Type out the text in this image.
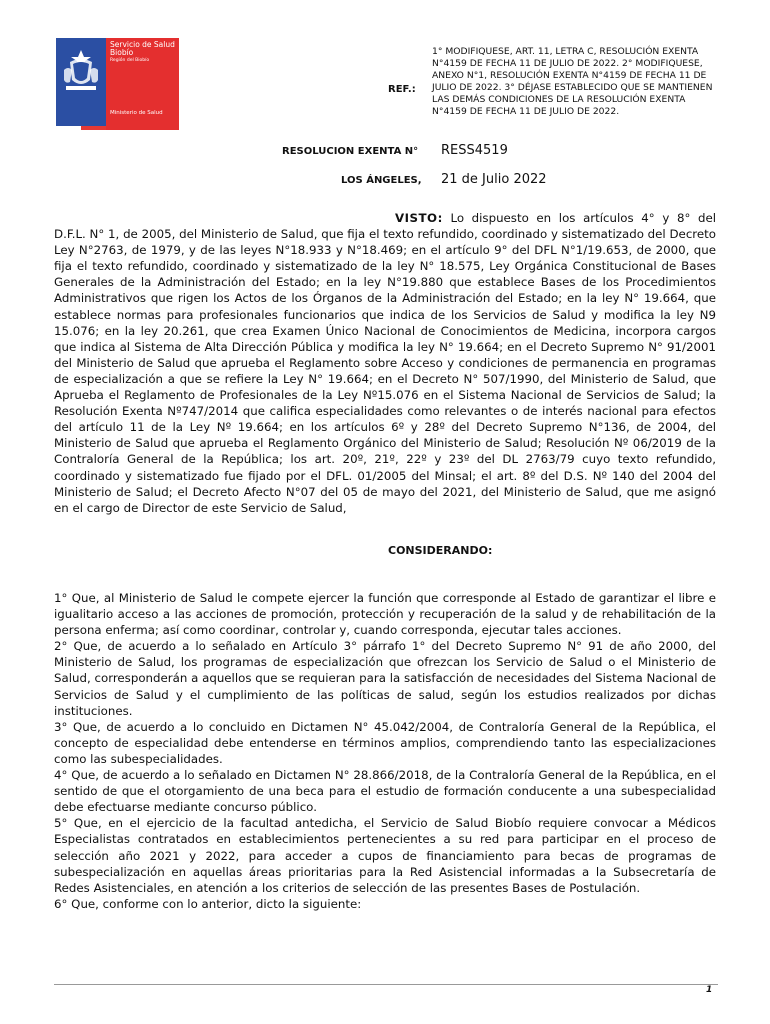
Servicio de Salud Biobío
Región del Biobío
Ministerio de Salud
REF.:

1° MODIFIQUESE, ART. 11, LETRA C, RESOLUCIÓN EXENTA N°4159 DE FECHA 11 DE JULIO DE 2022. 2° MODIFIQUESE, ANEXO N°1, RESOLUCIÓN EXENTA N°4159 DE FECHA 11 DE JULIO DE 2022. 3° DÉJASE ESTABLECIDO QUE SE MANTIENEN LAS DEMÁS CONDICIONES DE LA RESOLUCIÓN EXENTA N°4159 DE FECHA 11 DE JULIO DE 2022.

RESOLUCION EXENTA N° RESS4519
LOS ÁNGELES, 21 de Julio 2022

VISTO: Lo dispuesto en los artículos 4° y 8° del D.F.L. N° 1, de 2005, del Ministerio de Salud, que fija el texto refundido, coordinado y sistematizado del Decreto Ley N°2763, de 1979, y de las leyes N°18.933 y N°18.469; en el artículo 9° del DFL N°1/19.653, de 2000, que fija el texto refundido, coordinado y sistematizado de la ley N° 18.575, Ley Orgánica Constitucional de Bases Generales de la Administración del Estado; en la ley N°19.880 que establece Bases de los Procedimientos Administrativos que rigen los Actos de los Órganos de la Administración del Estado; en la ley N° 19.664, que establece normas para profesionales funcionarios que indica de los Servicios de Salud y modifica la ley N9 15.076; en la ley 20.261, que crea Examen Único Nacional de Conocimientos de Medicina, incorpora cargos que indica al Sistema de Alta Dirección Pública y modifica la ley N° 19.664; en el Decreto Supremo N° 91/2001 del Ministerio de Salud que aprueba el Reglamento sobre Acceso y condiciones de permanencia en programas de especialización a que se refiere la Ley N° 19.664; en el Decreto N° 507/1990, del Ministerio de Salud, que Aprueba el Reglamento de Profesionales de la Ley Nº15.076 en el Sistema Nacional de Servicios de Salud; la Resolución Exenta Nº747/2014 que califica especialidades como relevantes o de interés nacional para efectos del artículo 11 de la Ley Nº 19.664; en los artículos 6º y 28º del Decreto Supremo N°136, de 2004, del Ministerio de Salud que aprueba el Reglamento Orgánico del Ministerio de Salud; Resolución Nº 06/2019 de la Contraloría General de la República; los art. 20º, 21º, 22º y 23º del DL 2763/79 cuyo texto refundido, coordinado y sistematizado fue fijado por el DFL. 01/2005 del Minsal; el art. 8º del D.S. Nº 140 del 2004 del Ministerio de Salud; el Decreto Afecto N°07 del 05 de mayo del 2021, del Ministerio de Salud, que me asignó en el cargo de Director de este Servicio de Salud,

CONSIDERANDO:

1° Que, al Ministerio de Salud le compete ejercer la función que corresponde al Estado de garantizar el libre e igualitario acceso a las acciones de promoción, protección y recuperación de la salud y de rehabilitación de la persona enferma; así como coordinar, controlar y, cuando corresponda, ejecutar tales acciones.

2° Que, de acuerdo a lo señalado en Artículo 3° párrafo 1° del Decreto Supremo N° 91 de año 2000, del Ministerio de Salud, los programas de especialización que ofrezcan los Servicio de Salud o el Ministerio de Salud, corresponderán a aquellos que se requieran para la satisfacción de necesidades del Sistema Nacional de Servicios de Salud y el cumplimiento de las políticas de salud, según los estudios realizados por dichas instituciones.

3° Que, de acuerdo a lo concluido en Dictamen N° 45.042/2004, de Contraloría General de la República, el concepto de especialidad debe entenderse en términos amplios, comprendiendo tanto las especializaciones como las subespecialidades.

4° Que, de acuerdo a lo señalado en Dictamen N° 28.866/2018, de la Contraloría General de la República, en el sentido de que el otorgamiento de una beca para el estudio de formación conducente a una subespecialidad debe efectuarse mediante concurso público.

5° Que, en el ejercicio de la facultad antedicha, el Servicio de Salud Biobío requiere convocar a Médicos Especialistas contratados en establecimientos pertenecientes a su red para participar en el proceso de selección año 2021 y 2022, para acceder a cupos de financiamiento para becas de programas de subespecialización en aquellas áreas prioritarias para la Red Asistencial informadas a la Subsecretaría de Redes Asistenciales, en atención a los criterios de selección de las presentes Bases de Postulación.

6° Que, conforme con lo anterior, dicto la siguiente:

1
